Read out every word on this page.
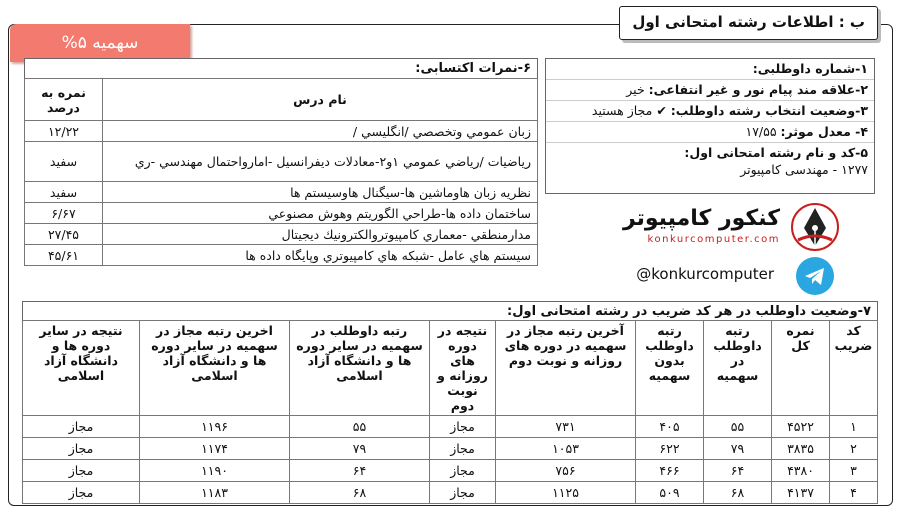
ب : اطلاعات رشته امتحانی اول
سهمیه ۵%
۱-شماره داوطلبی:
۲-علاقه مند پیام نور و غیر انتفاعی: خیر
۳-وضعیت انتخاب رشته داوطلب: ✔ مجاز هستید
۴- معدل موثر: ۱۷/۵۵
۵-کد و نام رشته امتحانی اول:
۱۲۷۷ - مهندسی کامپیوتر
۶-نمرات اکتسابی:
نام درس	نمره به درصد
زبان عمومي وتخصصي /انگليسي /	۱۲/۲۲
رياضيات /رياضي عمومي ۱و۲-معادلات ديفرانسيل -اماروا‌حتمال مهندسي -ري	سفید
نظريه زبان هاوماشين ها-سيگنال هاوسيستم ها	سفید
ساختمان داده ها-طراحي الگوريتم وهوش مصنوعي	۶/۶۷
مدارمنطقي -معماري كامپيوتروالكترونيك ديجيتال	۲۷/۴۵
سيستم هاي عامل -شبكه هاي كامپيوتري وپايگاه داده ها	۴۵/۶۱
کنکور کامپیوتر
konkurcomputer.com
@konkurcomputer
۷-وضعیت داوطلب در هر کد ضریب در رشته امتحانی اول:
کد ضریب	نمره کل	رتبه داوطلب در سهمیه	رتبه داوطلب بدون سهمیه	آخرین رتبه مجاز در سهمیه در دوره های روزانه و نوبت دوم	نتیجه در دوره های روزانه و نوبت دوم	رتبه داوطلب در سهمیه در سایر دوره ها و دانشگاه آزاد اسلامی	اخرین رتبه مجاز در سهمیه در سایر دوره ها و دانشگاه آزاد اسلامی	نتیجه در سایر دوره ها و دانشگاه آزاد اسلامی
۱	۴۵۲۲	۵۵	۴۰۵	۷۳۱	مجاز	۵۵	۱۱۹۶	مجاز
۲	۳۸۳۵	۷۹	۶۲۲	۱۰۵۳	مجاز	۷۹	۱۱۷۴	مجاز
۳	۴۳۸۰	۶۴	۴۶۶	۷۵۶	مجاز	۶۴	۱۱۹۰	مجاز
۴	۴۱۳۷	۶۸	۵۰۹	۱۱۲۵	مجاز	۶۸	۱۱۸۳	مجاز
